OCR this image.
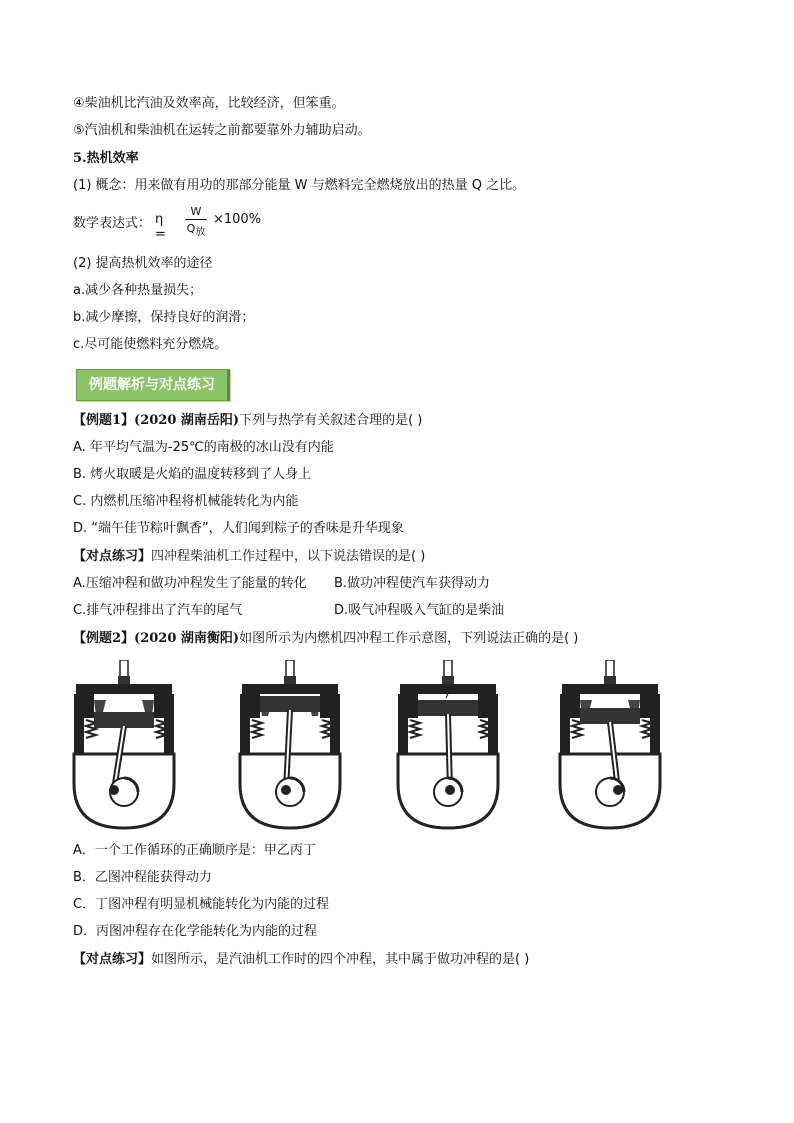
④柴油机比汽油及效率高，比较经济，但笨重。
⑤汽油机和柴油机在运转之前都要靠外力辅助启动。
5.热机效率
(1) 概念：用来做有用功的那部分能量 W 与燃料完全燃烧放出的热量 Q 之比。
数学表达式： η =
W
$Q_放$
×100%
(2) 提高热机效率的途径
a.减少各种热量损失；
b.减少摩擦，保持良好的润滑；
c.尽可能使燃料充分燃烧。
例题解析与对点练习
【例题1】(2020 湖南岳阳)下列与热学有关叙述合理的是( )
A. 年平均气温为-25℃的南极的冰山没有内能
B. 烤火取暖是火焰的温度转移到了人身上
C. 内燃机压缩冲程将机械能转化为内能
D. “端午佳节粽叶飘香”，人们闻到粽子的香味是升华现象
【对点练习】四冲程柴油机工作过程中，以下说法错误的是( )
A.压缩冲程和做功冲程发生了能量的转化 B.做功冲程使汽车获得动力
C.排气冲程排出了汽车的尾气	D.吸气冲程吸入气缸的是柴油
【例题2】(2020 湖南衡阳)如图所示为内燃机四冲程工作示意图，下列说法正确的是( )
A．一个工作循环的正确顺序是：甲乙丙丁
B．乙图冲程能获得动力
C．丁图冲程有明显机械能转化为内能的过程
D．丙图冲程存在化学能转化为内能的过程
【对点练习】如图所示，是汽油机工作时的四个冲程，其中属于做功冲程的是( )
